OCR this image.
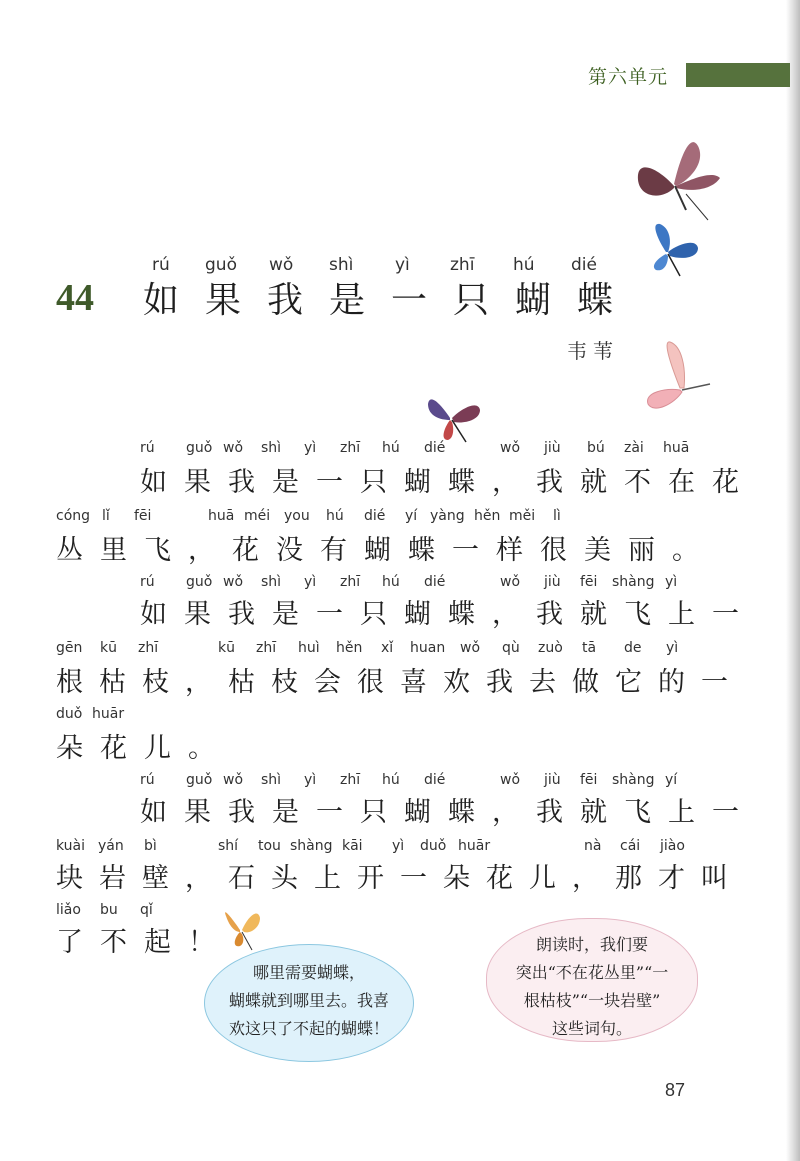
第六单元
rú guǒ wǒ shì yì zhī hú dié
44 如果我是一只蝴蝶
韦苇
rú guǒ wǒ shì yì zhī hú dié	wǒ jiù bú zài huā
如果我是一只蝴蝶，我就不在花
cóng lǐ fēi	huā méi you hú dié yí yàng hěn měi lì
丛里飞，花没有蝴蝶一样很美丽。
rú guǒ wǒ shì yì zhī hú dié	wǒ jiù fēi shàng yì
如果我是一只蝴蝶，我就飞上一
gēn kū zhī	kū zhī huì hěn xǐ huan wǒ qù zuò tā de yì
根枯枝，枯枝会很喜欢我去做它的一
duǒ huār
朵花儿。
rú guǒ wǒ shì yì zhī hú dié	wǒ jiù fēi shàng yí
如果我是一只蝴蝶，我就飞上一
kuài yán bì	shí tou shàng kāi yì duǒ huār	nà cái jiào
块岩壁，石头上开一朵花儿，那才叫
liǎo bu qǐ
了不起！
哪里需要蝴蝶，
蝴蝶就到哪里去。我喜
欢这只了不起的蝴蝶！
朗读时，我们要
突出“不在花丛里”“一
根枯枝”“一块岩壁”
这些词句。
87
